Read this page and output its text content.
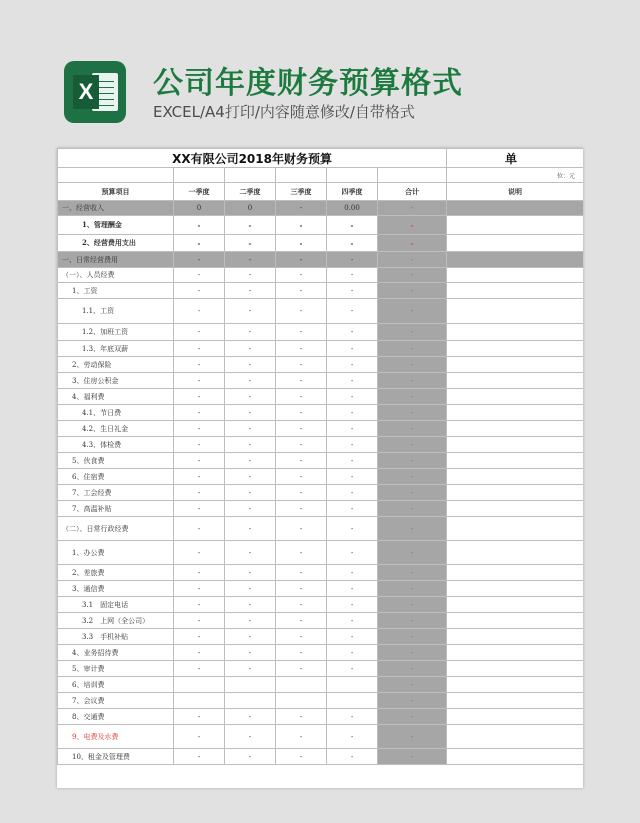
X 公司年度财务预算格式
EXCEL/A4打印/内容随意修改/自带格式
XX有限公司2018年财务预算						单
						位：元
预算项目	一季度	二季度	三季度	四季度	合计	说明
一、经营收入	0	0	-	0.00	-	
1、管理酬金	-	-	-	-	-	
2、经营费用支出	-	-	-	-	-	
一、日常经营费用	-	-	-	-	-	
（一）、人员经费	-	-	-	-	-	
1、工资	-	-	-	-	-	
1.1、工资	-	-	-	-	-	
1.2、加班工资	-	-	-	-	-	
1.3、年底双薪	-	-	-	-	-	
2、劳动保险	-	-	-	-	-	
3、住房公积金	-	-	-	-	-	
4、福利费	-	-	-	-	-	
4.1、节日费	-	-	-	-	-	
4.2、生日礼金	-	-	-	-	-	
4.3、体检费	-	-	-	-	-	
5、伙食费	-	-	-	-	-	
6、住宿费	-	-	-	-	-	
7、工会经费	-	-	-	-	-	
7、高温补贴	-	-	-	-	-	
（二）、日常行政经费	-	-	-	-	-	
1、办公费	-	-	-	-	-	
2、差旅费	-	-	-	-	-	
3、通信费	-	-	-	-	-	
3.1　固定电话	-	-	-	-	-	
3.2　上网（全公司）	-	-	-	-	-	
3.3　手机补贴	-	-	-	-	-	
4、业务招待费	-	-	-	-	-	
5、审计费	-	-	-	-	-	
6、培训费					-	
7、会议费					-	
8、交通费	-	-	-	-	-	
9、电费及水费	-	-	-	-	-	
10、租金及管理费	-	-	-	-	-	
